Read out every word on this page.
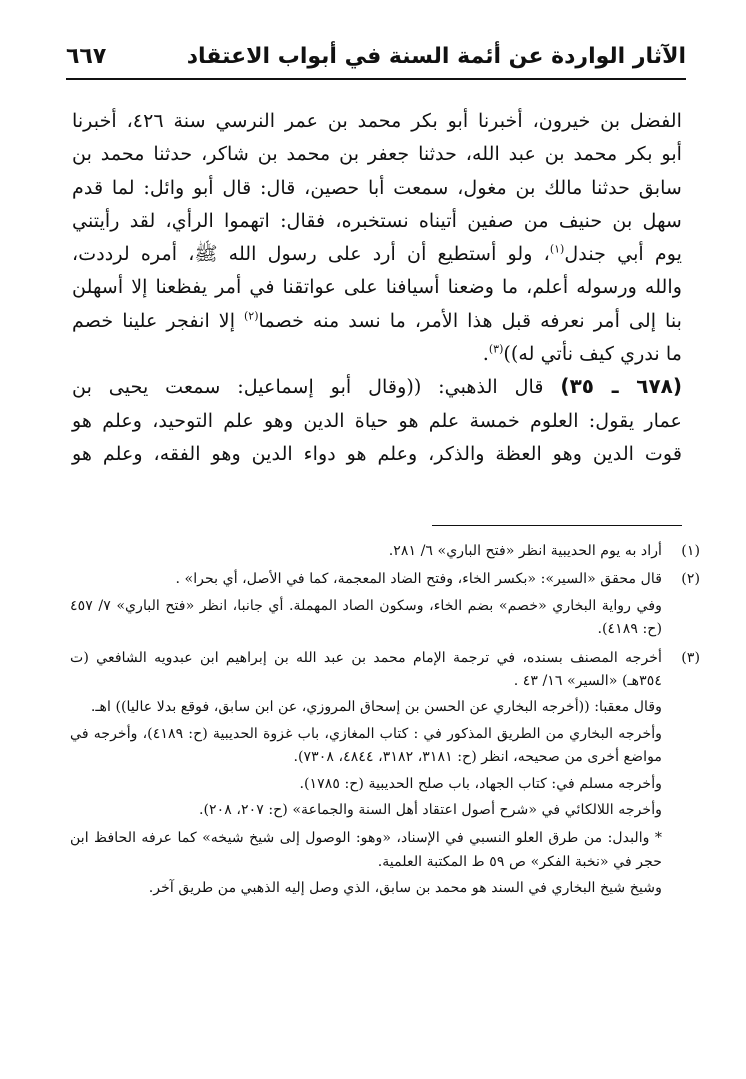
الآثار الواردة عن أئمة السنة في أبواب الاعتقاد
٦٦٧
الفضل بن خيرون، أخبرنا أبو بكر محمد بن عمر النرسي سنة ٤٢٦، أخبرنا
أبو بكر محمد بن عبد الله، حدثنا جعفر بن محمد بن شاكر، حدثنا محمد بن
سابق حدثنا مالك بن مغول، سمعت أبا حصين، قال: قال أبو وائل: لما قدم
سهل بن حنيف من صفين أتيناه نستخبره، فقال: اتهموا الرأي، لقد رأيتني
يوم أبي جندل$^{(١)}$، ولو أستطيع أن أرد على رسول الله ﷺ، أمره لرددت،
والله ورسوله أعلم، ما وضعنا أسيافنا على عواتقنا في أمر يفظعنا إلا أسهلن
بنا إلى أمر نعرفه قبل هذا الأمر، ما نسد منه خصما$^{(٢)}$ إلا انفجر علينا خصم
ما ندري كيف نأتي له))$^{(٣)}$.
(٦٧٨ ـ ٣٥) قال الذهبي: ((وقال أبو إسماعيل: سمعت يحيى بن
عمار يقول: العلوم خمسة علم هو حياة الدين وهو علم التوحيد، وعلم هو
قوت الدين وهو العظة والذكر، وعلم هو دواء الدين وهو الفقه، وعلم هو
(١)

أراد به يوم الحديبية انظر «فتح الباري» ٦/ ٢٨١.

(٢)

قال محقق «السير»: «بكسر الخاء، وفتح الضاد المعجمة، كما في الأصل، أي بحرا» .

وفي رواية البخاري «خصم» بضم الخاء، وسكون الصاد المهملة. أي جانبا، انظر «فتح الباري» ٧/ ٤٥٧ (ح: ٤١٨٩).

(٣)

أخرجه المصنف بسنده، في ترجمة الإمام محمد بن عبد الله بن إبراهيم ابن عبدويه الشافعي (ت ٣٥٤هـ) «السير» ١٦/ ٤٣ .

وقال معقبا: ((أخرجه البخاري عن الحسن بن إسحاق المروزي، عن ابن سابق، فوقع بدلا عاليا)) اهـ.

وأخرجه البخاري من الطريق المذكور في : كتاب المغازي، باب غزوة الحديبية (ح: ٤١٨٩)، وأخرجه في مواضع أخرى من صحيحه، انظر (ح: ٣١٨١، ٣١٨٢، ٤٨٤٤، ٧٣٠٨).

وأخرجه مسلم في: كتاب الجهاد، باب صلح الحديبية (ح: ١٧٨٥).

وأخرجه اللالكائي في «شرح أصول اعتقاد أهل السنة والجماعة» (ح: ٢٠٧، ٢٠٨).

* والبدل: من طرق العلو النسبي في الإسناد، «وهو: الوصول إلى شيخ شيخه» كما عرفه الحافظ ابن حجر في «نخبة الفكر» ص ٥٩ ط المكتبة العلمية.

وشيخ شيخ البخاري في السند هو محمد بن سابق، الذي وصل إليه الذهبي من طريق آخر.
